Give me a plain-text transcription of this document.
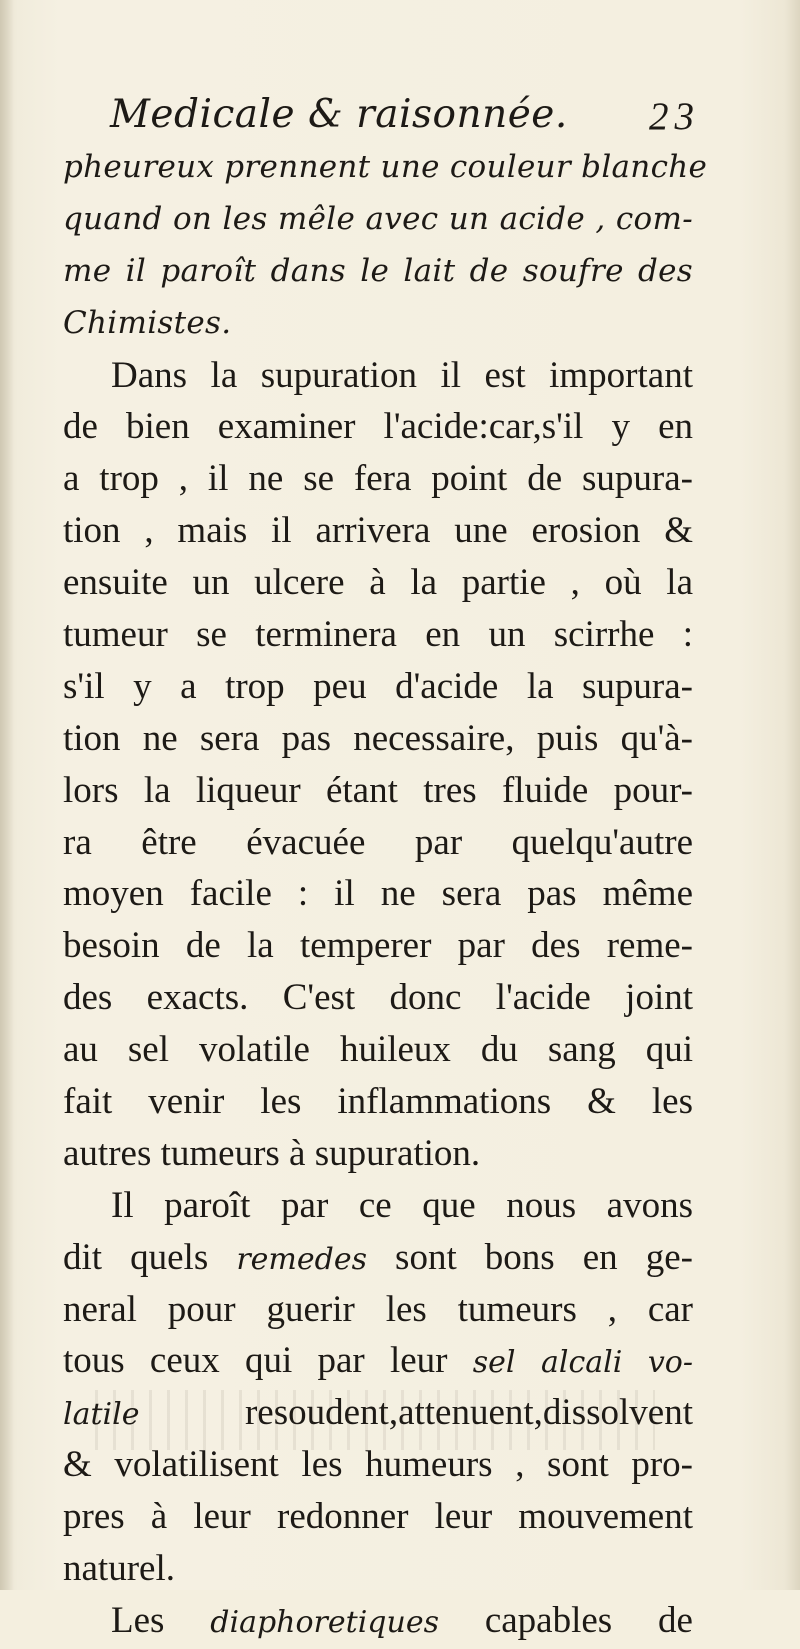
Medicale & raisonnée. 23
pheureux prennent une couleur blanche
quand on les mêle avec un acide , com-
me il paroît dans le lait de soufre des
Chimistes.
Dans la supuration il est important
de bien examiner l'acide:car,s'il y en
a trop , il ne se fera point de supura-
tion , mais il arrivera une erosion &
ensuite un ulcere à la partie , où la
tumeur se terminera en un scirrhe :
s'il y a trop peu d'acide la supura-
tion ne sera pas necessaire, puis qu'à-
lors la liqueur étant tres fluide pour-
ra être évacuée par quelqu'autre
moyen facile : il ne sera pas même
besoin de la temperer par des reme-
des exacts. C'est donc l'acide joint
au sel volatile huileux du sang qui
fait venir les inflammations & les
autres tumeurs à supuration.
Il paroît par ce que nous avons
dit quels remedes sont bons en ge-
neral pour guerir les tumeurs , car
tous ceux qui par leur sel alcali vo-
latile resoudent,attenuent,dissolvent
& volatilisent les humeurs , sont pro-
pres à leur redonner leur mouvement
naturel.
Les diaphoretiques capables de
